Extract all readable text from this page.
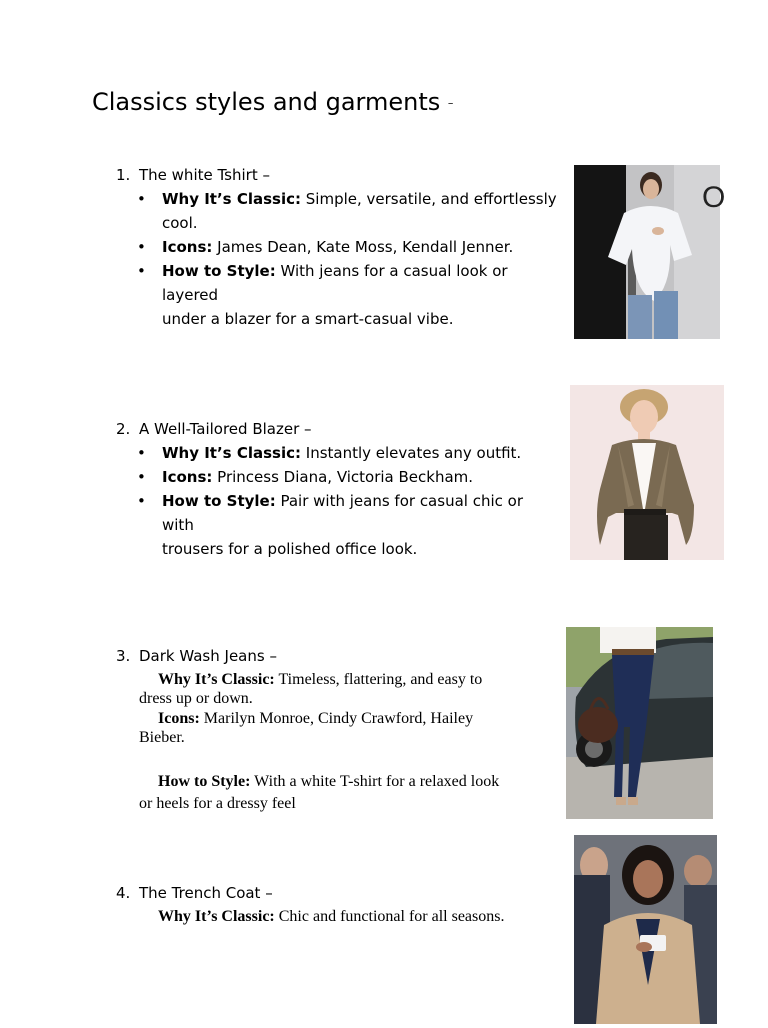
Classics styles and garments –
1. The white Tshirt –
• Why It’s Classic: Simple, versatile, and effortlessly
cool.
• Icons: James Dean, Kate Moss, Kendall Jenner.
• How to Style: With jeans for a casual look or layered
under a blazer for a smart-casual vibe.
O
2. A Well-Tailored Blazer –
• Why It’s Classic: Instantly elevates any outfit.
• Icons: Princess Diana, Victoria Beckham.
• How to Style: Pair with jeans for casual chic or with
trousers for a polished office look.
3. Dark Wash Jeans –
Why It’s Classic: Timeless, flattering, and easy to
dress up or down.
Icons: Marilyn Monroe, Cindy Crawford, Hailey
Bieber.
How to Style: With a white T-shirt for a relaxed look
or heels for a dressy feel
4. The Trench Coat –
Why It’s Classic: Chic and functional for all seasons.
